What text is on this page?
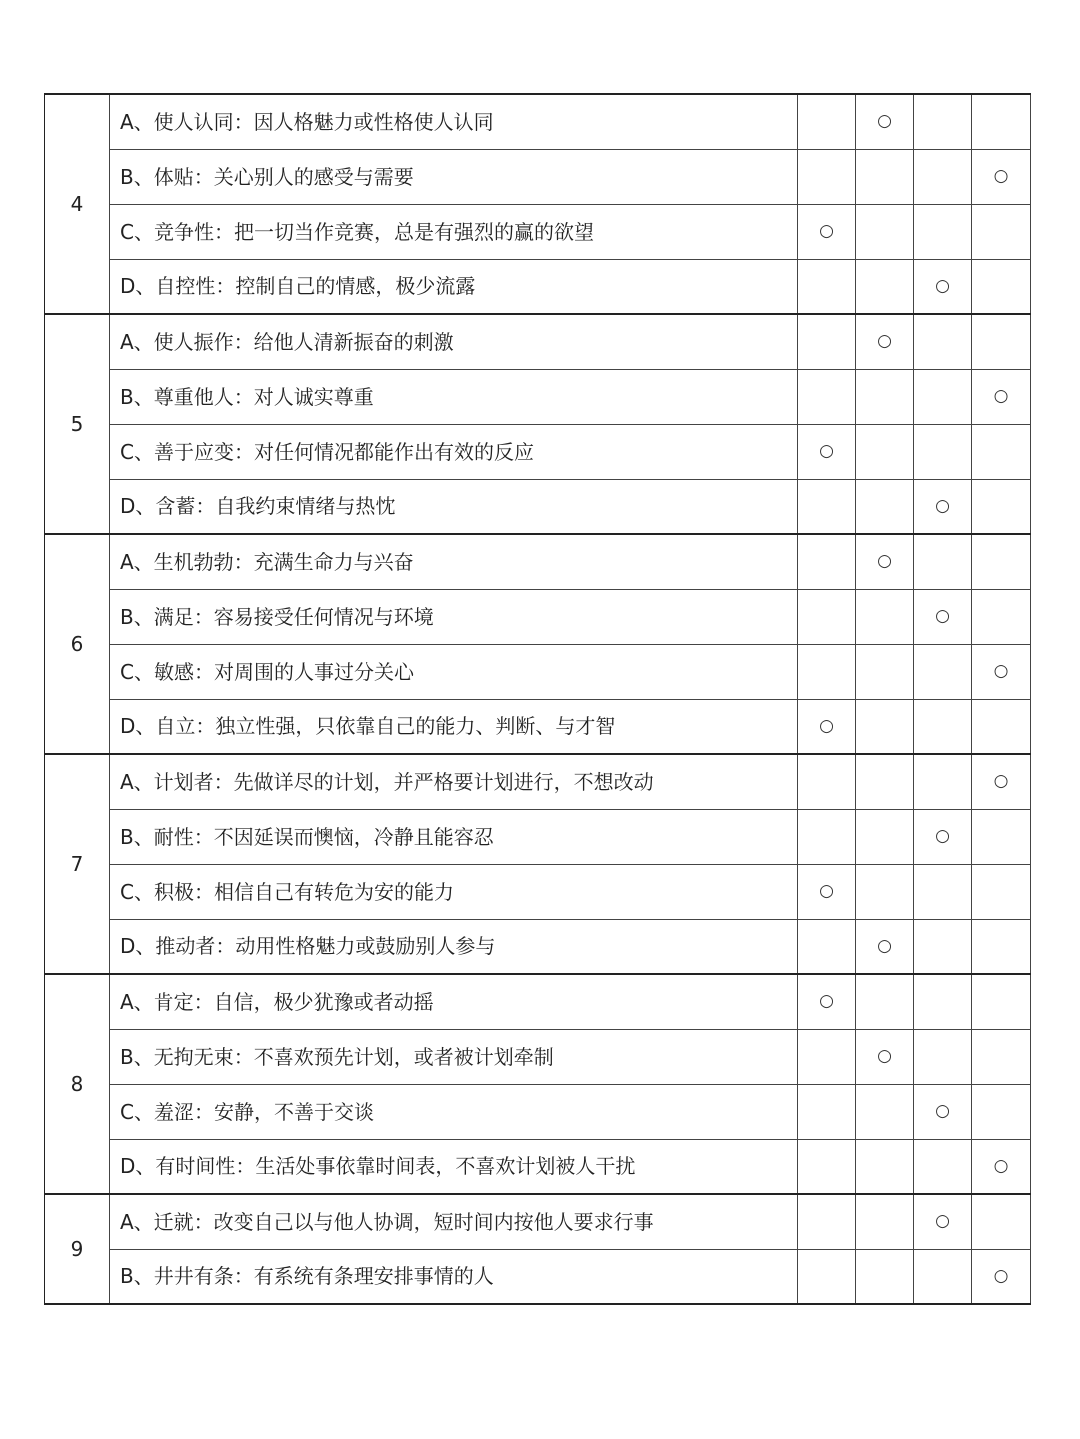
4	A、使人认同：因人格魅力或性格使人认同		○		
	B、体贴：关心别人的感受与需要				○
	C、竞争性：把一切当作竞赛，总是有强烈的赢的欲望	○			
	D、自控性：控制自己的情感，极少流露			○	
5	A、使人振作：给他人清新振奋的刺激		○		
	B、尊重他人：对人诚实尊重				○
	C、善于应变：对任何情况都能作出有效的反应	○			
	D、含蓄：自我约束情绪与热忱			○	
6	A、生机勃勃：充满生命力与兴奋		○		
	B、满足：容易接受任何情况与环境			○	
	C、敏感：对周围的人事过分关心				○
	D、自立：独立性强，只依靠自己的能力、判断、与才智	○			
7	A、计划者：先做详尽的计划，并严格要计划进行，不想改动				○
	B、耐性：不因延误而懊恼，冷静且能容忍			○	
	C、积极：相信自己有转危为安的能力	○			
	D、推动者：动用性格魅力或鼓励别人参与		○		
8	A、肯定：自信，极少犹豫或者动摇	○			
	B、无拘无束：不喜欢预先计划，或者被计划牵制		○		
	C、羞涩：安静，不善于交谈			○	
	D、有时间性：生活处事依靠时间表，不喜欢计划被人干扰				○
9	A、迁就：改变自己以与他人协调，短时间内按他人要求行事			○	
	B、井井有条：有系统有条理安排事情的人				○
